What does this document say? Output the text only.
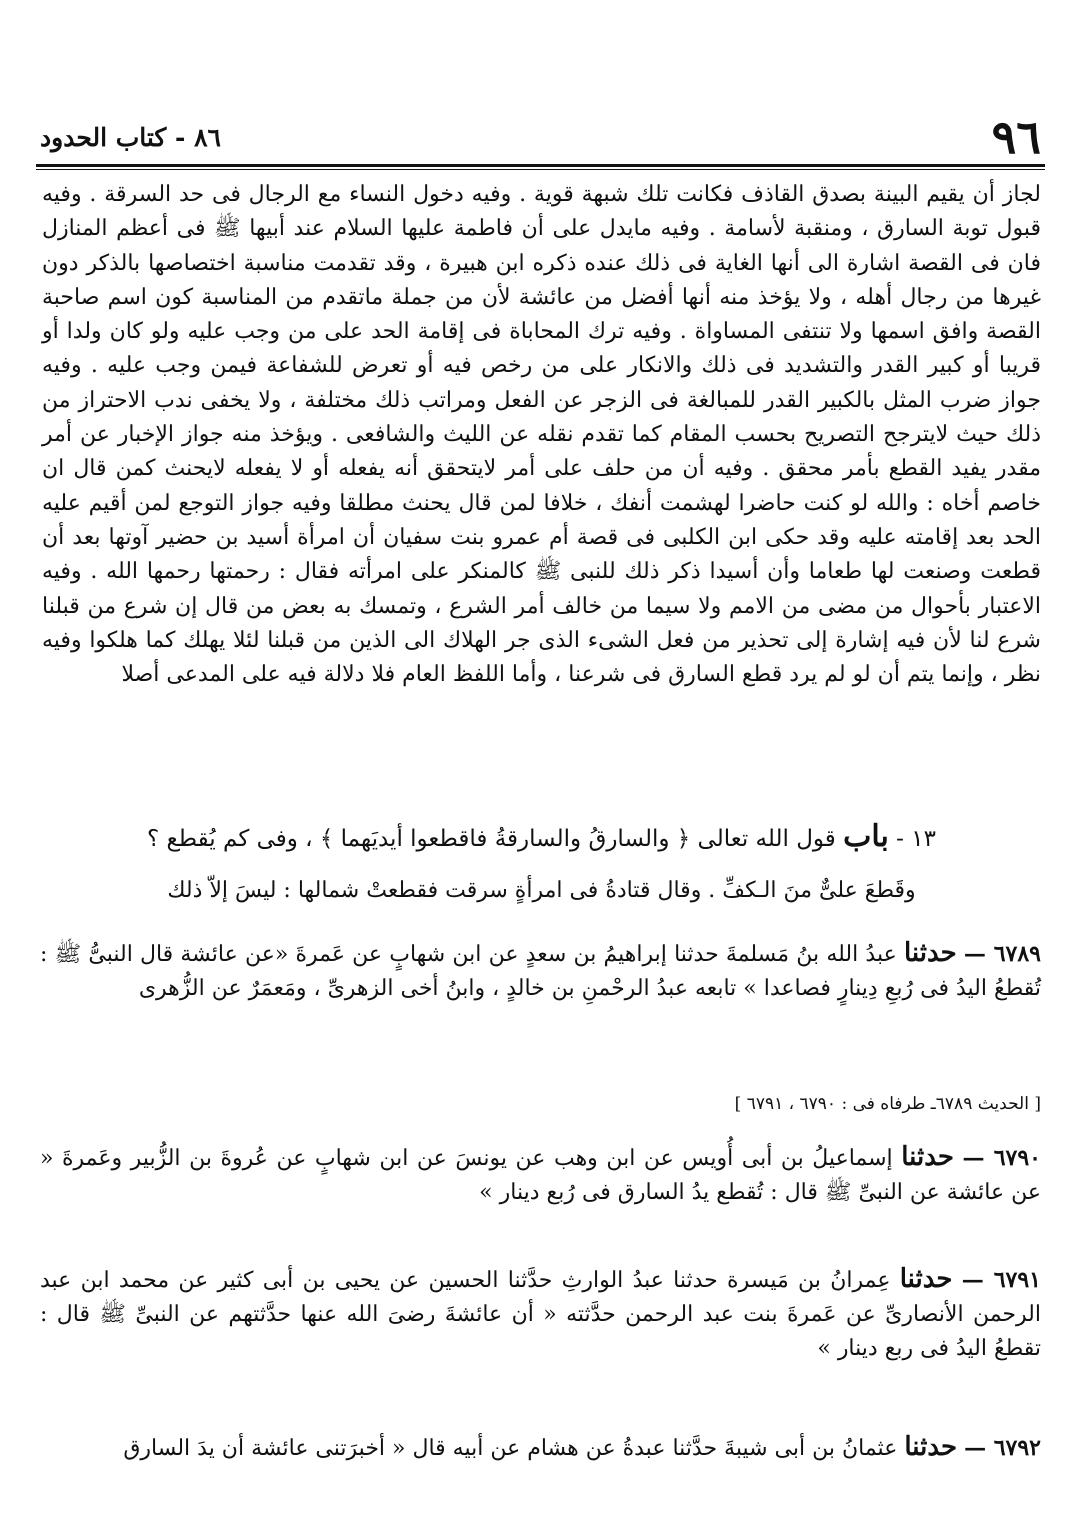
٩٦
٨٦ - كتاب الحدود

لجاز أن يقيم البينة بصدق القاذف فكانت تلك شبهة قوية . وفيه دخول النساء مع الرجال فى حد السرقة . وفيه قبول توبة السارق ، ومنقبة لأسامة . وفيه مايدل على أن فاطمة عليها السلام عند أبيها ﷺ فى أعظم المنازل فان فى القصة اشارة الى أنها الغاية فى ذلك عنده ذكره ابن هبيرة ، وقد تقدمت مناسبة اختصاصها بالذكر دون غيرها من رجال أهله ، ولا يؤخذ منه أنها أفضل من عائشة لأن من جملة ماتقدم من المناسبة كون اسم صاحبة القصة وافق اسمها ولا تنتفى المساواة . وفيه ترك المحاباة فى إقامة الحد على من وجب عليه ولو كان ولدا أو قريبا أو كبير القدر والتشديد فى ذلك والانكار على من رخص فيه أو تعرض للشفاعة فيمن وجب عليه . وفيه جواز ضرب المثل بالكبير القدر للمبالغة فى الزجر عن الفعل ومراتب ذلك مختلفة ، ولا يخفى ندب الاحتراز من ذلك حيث لايترجح التصريح بحسب المقام كما تقدم نقله عن الليث والشافعى . ويؤخذ منه جواز الإخبار عن أمر مقدر يفيد القطع بأمر محقق . وفيه أن من حلف على أمر لايتحقق أنه يفعله أو لا يفعله لايحنث كمن قال ان خاصم أخاه : والله لو كنت حاضرا لهشمت أنفك ، خلافا لمن قال يحنث مطلقا وفيه جواز التوجع لمن أقيم عليه الحد بعد إقامته عليه وقد حكى ابن الكلبى فى قصة أم عمرو بنت سفيان أن امرأة أسيد بن حضير آوتها بعد أن قطعت وصنعت لها طعاما وأن أسيدا ذكر ذلك للنبى ﷺ كالمنكر على امرأته فقال : رحمتها رحمها الله . وفيه الاعتبار بأحوال من مضى من الامم ولا سيما من خالف أمر الشرع ، وتمسك به بعض من قال إن شرع من قبلنا شرع لنا لأن فيه إشارة إلى تحذير من فعل الشىء الذى جر الهلاك الى الذين من قبلنا لئلا يهلك كما هلكوا وفيه نظر ، وإنما يتم أن لو لم يرد قطع السارق فى شرعنا ، وأما اللفظ العام فلا دلالة فيه على المدعى أصلا

١٣ - باب قول الله تعالى ﴿ والسارقُ والسارقةُ فاقطعوا أيديَهما ﴾ ، وفى كم يُقطع ؟
وقَطعَ علىٌّ منَ الـكفِّ . وقال قتادةُ فى امرأةٍ سرقت فقطعتْ شمالها : ليسَ إلاّ ذلك

٦٧٨٩ — حدثنا عبدُ الله بنُ مَسلمةَ حدثنا إبراهيمُ بن سعدٍ عن ابن شهابٍ عن عَمرةَ «عن عائشة قال النبىُّ ﷺ : تُقطعُ اليدُ فى رُبعِ دِينارٍ فصاعدا » تابعه عبدُ الرحْمنِ بن خالدٍ ، وابنُ أخى الزهرىِّ ، ومَعمَرٌ عن الزُّهرى

[ الحديث ٦٧٨٩ـ طرفاه فى : ٦٧٩٠ ، ٦٧٩١ ]

٦٧٩٠ — حدثنا إسماعيلُ بن أبى أُويس عن ابن وهب عن يونسَ عن ابن شهابٍ عن عُروةَ بن الزُّبير وعَمرةَ « عن عائشة عن النبىِّ ﷺ قال : تُقطع يدُ السارق فى رُبع دينار »

٦٧٩١ — حدثنا عِمرانُ بن مَيسرة حدثنا عبدُ الوارثِ حدَّثنا الحسين عن يحيى بن أبى كثير عن محمد ابن عبد الرحمن الأنصارىِّ عن عَمرةَ بنت عبد الرحمن حدَّثته « أن عائشةَ رضىَ الله عنها حدَّثتهم عن النبىِّ ﷺ قال : تقطعُ اليدُ فى ربع دينار »

٦٧٩٢ — حدثنا عثمانُ بن أبى شيبةَ حدَّثنا عبدةُ عن هشام عن أبيه قال « أخبرَتنى عائشة أن يدَ السارق
